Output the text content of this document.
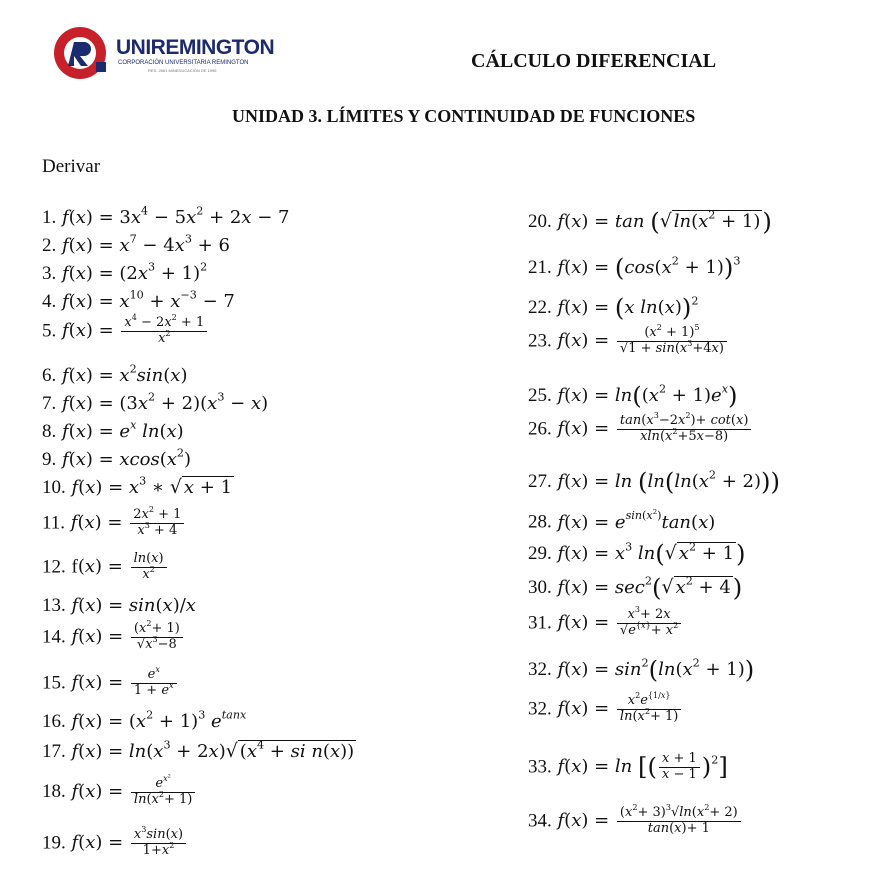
UNIREMINGTON
CORPORACIÓN UNIVERSITARIA REMINGTON
RES. 2661 MINEDUCACIÓN DE 1996	CÁLCULO DIFERENCIAL
UNIDAD 3. LÍMITES Y CONTINUIDAD DE FUNCIONES
Derivar
1. $f(x) = 3x^4 - 5x^2 + 2x - 7$
2. $f(x) = x^7 - 4x^3 + 6$
3. $f(x) = (2x^3 + 1)^2$
4. $f(x) = x^{10} + x^{-3} - 7$
5. $f(x) = \frac{x^4 - 2x^2 + 1}{x^2}$
6. $f(x) = x^2\sin(x)$
7. $f(x) = (3x^2 + 2)(x^3 - x)$
8. $f(x) = e^x$ ln(x)
9. $f(x) = xcos(x^2)$
10. $f(x) = x^3$ ∗ √ x + 1
11. $f(x) = \frac{2x^2 + 1}{x^3 + 4}$
12. $f(x) = \frac{\ln(x)}{x^2}$
13. f(x) = sin(x)/x
14. $f(x) = \frac{(x^2+ 1)}{√x^3-8}$
15. $f(x) = \frac{e^x}{1 + e^x}$
16. $f(x) = (x^2 + 1)^3$ $e^{tanx}$
17. $f(x) = \ln(x^3 + 2x)√$ ($x^4$ + si n(x))
18. $f(x) = \frac{e^{x^2}}{\ln(x^2+ 1)}$
19. $f(x) = \frac{x^3\sin(x)}{1+x^2}$
20. f(x) = tan (√ $\ln(x^2 + 1)$)
21. $f(x) = (\cos(x^2 + 1))^3$
22. f(x) = (x ln(x))$^2$
23. $f(x) = \frac{(x^2 + 1)^5}{√1 + \sin(x^3+4x)}$
25. $f(x) = \ln((x^2 + 1)e^x)$
26. $f(x) = \frac{\tan(x^3-2x^2)+ \cot(x)}{xln(x^2+5x-8)}$
27. $f(x) = \ln (\ln(\ln(x^2 + 2)))$
28. $f(x) = e^{sin(x^2)}\tan(x)$
29. $f(x) = x^3$ ln(√ $x^2 + 1$)
30. $f(x) = \sec^2(√$ $x^2 + 4$)
31. $f(x) = \frac{x^3+ 2x}{√e^{\{x\}}+ x^2}$
32. $f(x) = \sin^2(\ln(x^2 + 1))$
32. $f(x) = \frac{x^2e^{\{1/x\}}}{\ln(x^2+ 1)}$
33. f(x) = ln [( $\frac{x + 1}{x - 1} )^2$]
34. $f(x) = \frac{(x^2+ 3)^3√\ln(x^2+ 2)}{\tan(x)+ 1}$
